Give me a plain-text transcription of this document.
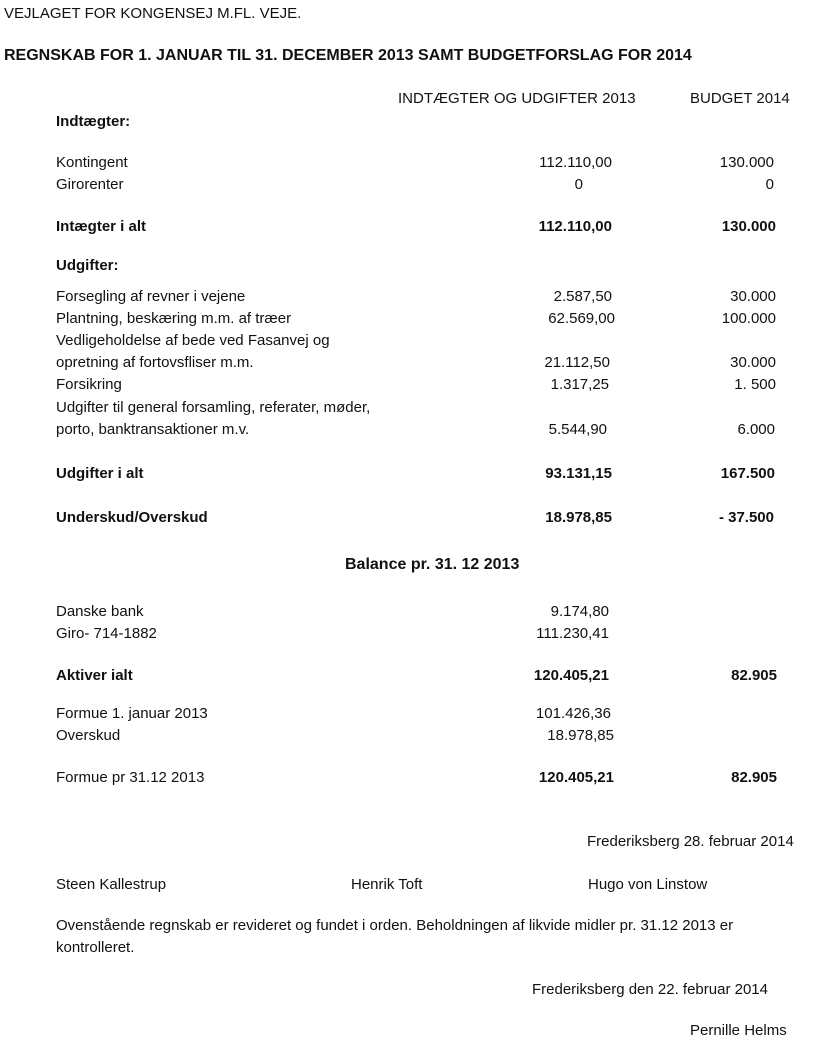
VEJLAGET FOR KONGENSEJ M.FL. VEJE.
REGNSKAB FOR 1. JANUAR TIL 31. DECEMBER 2013 SAMT BUDGETFORSLAG FOR 2014
INDTÆGTER OG UDGIFTER 2013	BUDGET 2014
Indtægter:
Kontingent	112.110,00	130.000
Girorenter	0	0
Intægter i alt	112.110,00	130.000
Udgifter:
Forsegling af revner i vejene	2.587,50	30.000
Plantning, beskæring m.m. af træer	62.569,00	100.000
Vedligeholdelse af bede ved Fasanvej og
opretning af fortovsfliser m.m.	21.112,50	30.000
Forsikring	1.317,25	1. 500
Udgifter til general forsamling, referater, møder,
porto, banktransaktioner m.v.	5.544,90	6.000
Udgifter i alt	93.131,15	167.500
Underskud/Overskud	18.978,85	- 37.500
Balance pr. 31. 12 2013
Danske bank	9.174,80
Giro- 714-1882	111.230,41
Aktiver ialt	120.405,21	82.905
Formue 1. januar 2013	101.426,36
Overskud	18.978,85
Formue pr 31.12 2013	120.405,21	82.905
Frederiksberg 28. februar 2014
Steen Kallestrup	Henrik Toft	Hugo von Linstow
Ovenstående regnskab er revideret og fundet i orden. Beholdningen af likvide midler pr. 31.12 2013 er
kontrolleret.
Frederiksberg den 22. februar 2014
Pernille Helms
